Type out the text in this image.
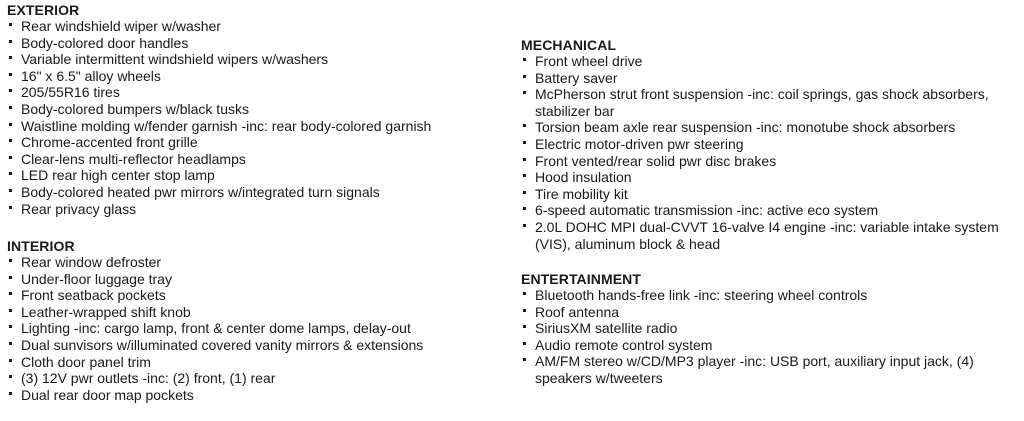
EXTERIOR
Rear windshield wiper w/washer
Body-colored door handles
Variable intermittent windshield wipers w/washers
16" x 6.5" alloy wheels
205/55R16 tires
Body-colored bumpers w/black tusks
Waistline molding w/fender garnish -inc: rear body-colored garnish
Chrome-accented front grille
Clear-lens multi-reflector headlamps
LED rear high center stop lamp
Body-colored heated pwr mirrors w/integrated turn signals
Rear privacy glass
INTERIOR
Rear window defroster
Under-floor luggage tray
Front seatback pockets
Leather-wrapped shift knob
Lighting -inc: cargo lamp, front & center dome lamps, delay-out
Dual sunvisors w/illuminated covered vanity mirrors & extensions
Cloth door panel trim
(3) 12V pwr outlets -inc: (2) front, (1) rear
Dual rear door map pockets
MECHANICAL
Front wheel drive
Battery saver
McPherson strut front suspension -inc: coil springs, gas shock absorbers, stabilizer bar
Torsion beam axle rear suspension -inc: monotube shock absorbers
Electric motor-driven pwr steering
Front vented/rear solid pwr disc brakes
Hood insulation
Tire mobility kit
6-speed automatic transmission -inc: active eco system
2.0L DOHC MPI dual-CVVT 16-valve I4 engine -inc: variable intake system (VIS), aluminum block & head
ENTERTAINMENT
Bluetooth hands-free link -inc: steering wheel controls
Roof antenna
SiriusXM satellite radio
Audio remote control system
AM/FM stereo w/CD/MP3 player -inc: USB port, auxiliary input jack, (4) speakers w/tweeters
